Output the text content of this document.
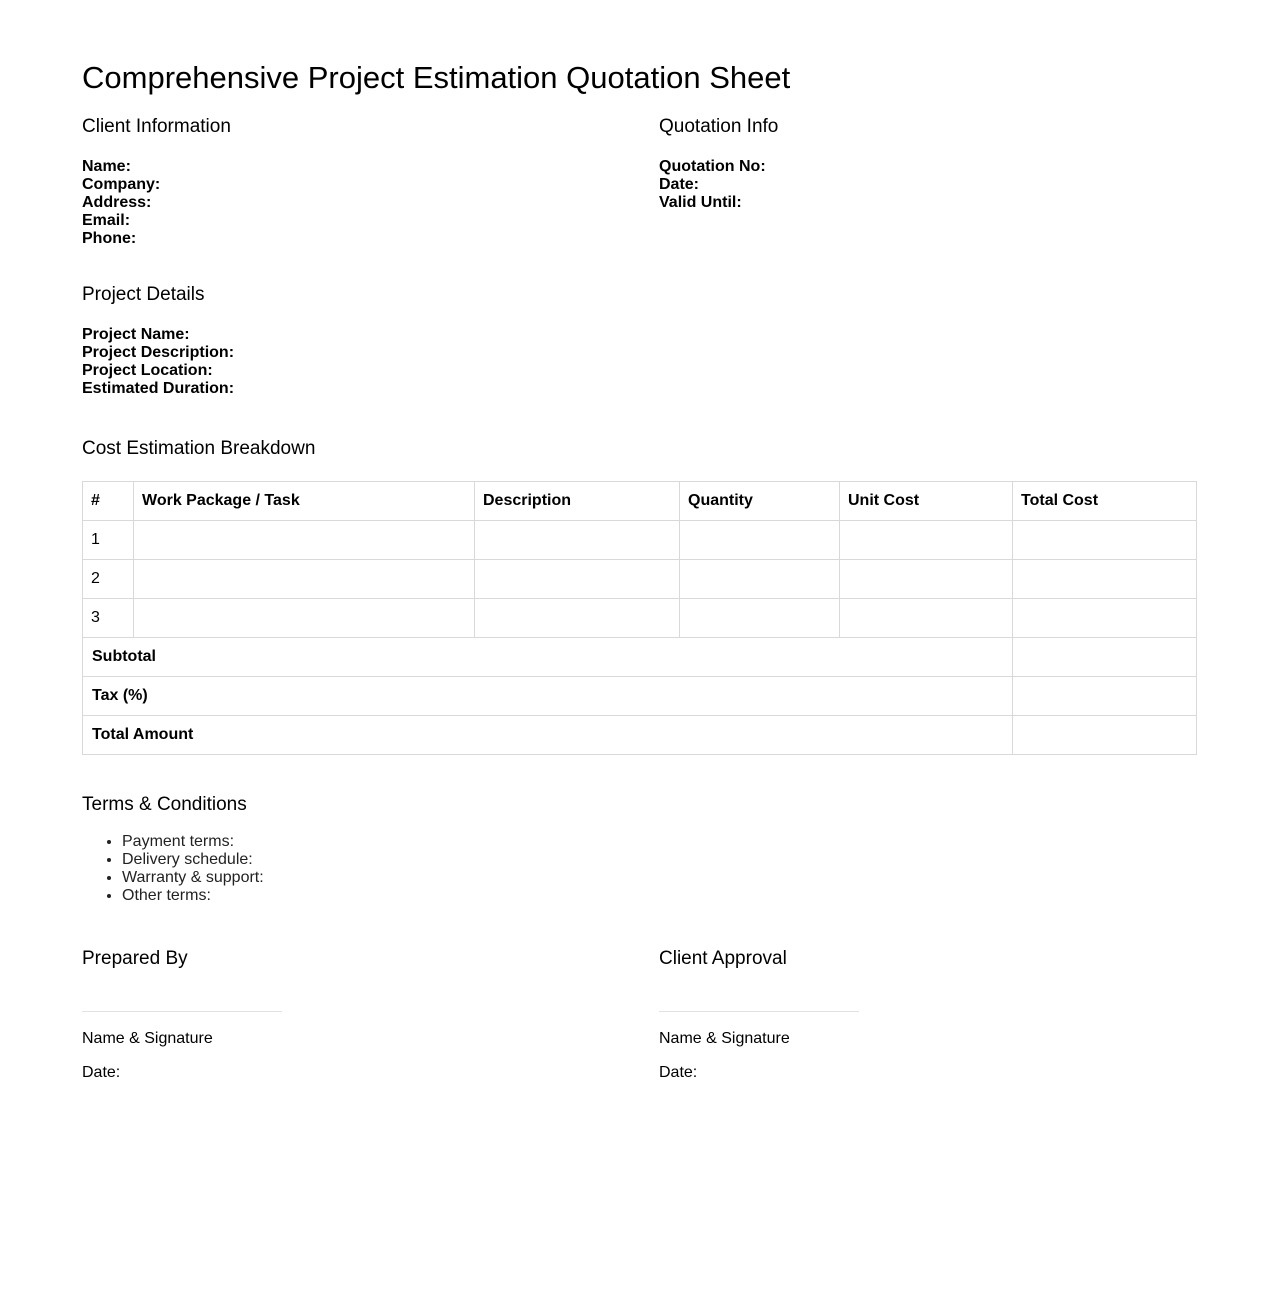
Comprehensive Project Estimation Quotation Sheet
Client Information
Name:
Company:
Address:
Email:
Phone:
Quotation Info
Quotation No:
Date:
Valid Until:
Project Details
Project Name:
Project Description:
Project Location:
Estimated Duration:
Cost Estimation Breakdown
#	Work Package / Task	Description	Quantity	Unit Cost	Total Cost
1					
2					
3					
Subtotal					
Tax (%)					
Total Amount					
Terms & Conditions
• Payment terms:
• Delivery schedule:
• Warranty & support:
• Other terms:
Prepared By
Name & Signature
Date:
Client Approval
Name & Signature
Date:
